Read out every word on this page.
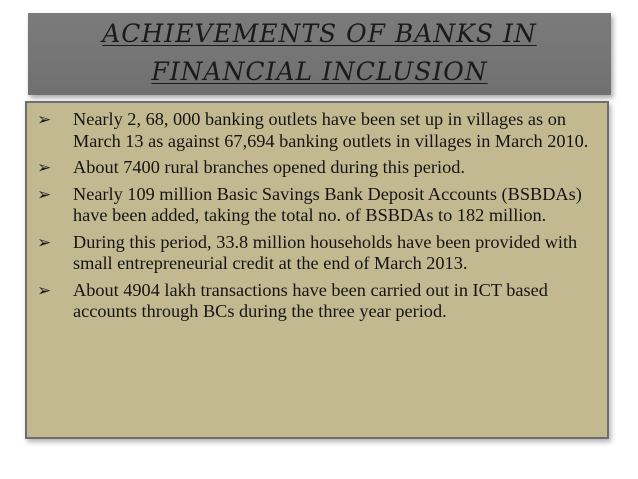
ACHIEVEMENTS OF BANKS IN
FINANCIAL INCLUSION
➢	Nearly 2, 68, 000 banking outlets have been set up in villages as on March 13 as against 67,694 banking outlets in villages in March 2010.
➢	About 7400 rural branches opened during this period.
➢	Nearly 109 million Basic Savings Bank Deposit Accounts (BSBDAs) have been added, taking the total no. of BSBDAs to 182 million.
➢	During this period, 33.8 million households have been provided with small entrepreneurial credit at the end of March 2013.
➢	About 4904 lakh transactions have been carried out in ICT based accounts through BCs during the three year period.
